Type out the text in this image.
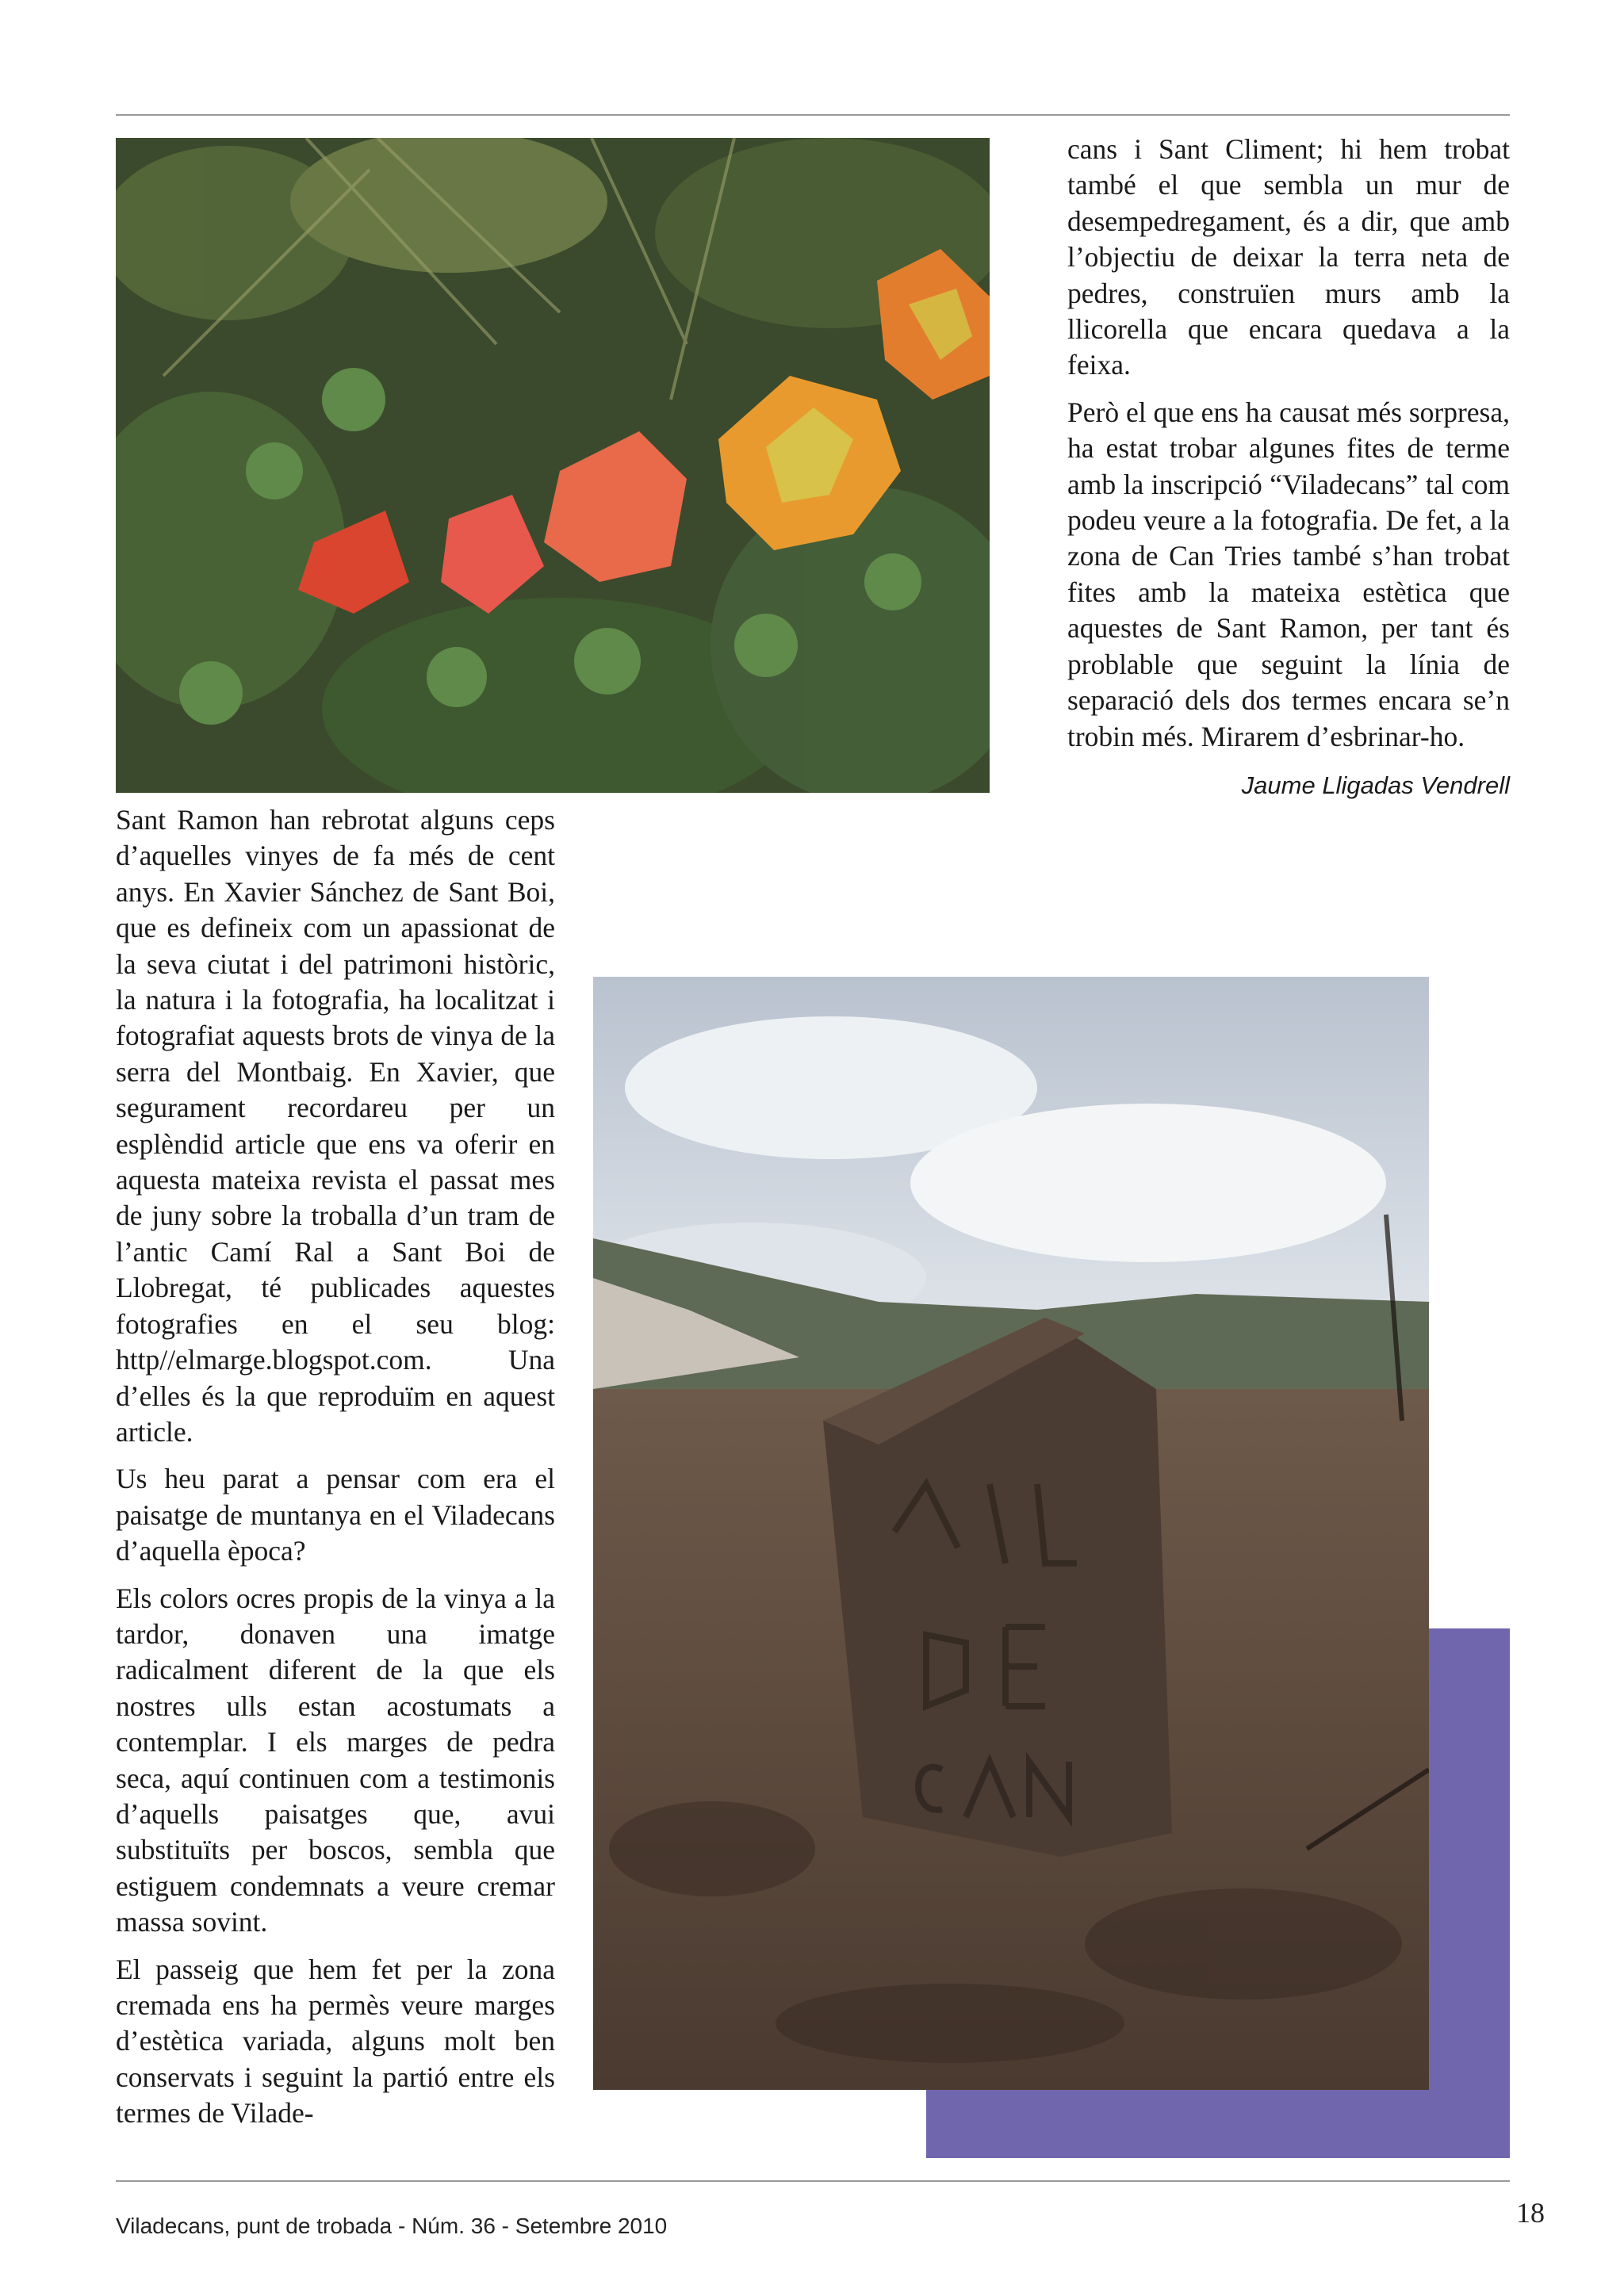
Sant Ramon han rebrotat alguns ceps d’aquelles vinyes de fa més de cent anys. En Xavier Sánchez de Sant Boi, que es defineix com un apassionat de la seva ciutat i del patrimoni històric, la natura i la fotografia, ha localitzat i fotografiat aquests brots de vinya de la serra del Montbaig. En Xavier, que segurament recordareu per un esplèndid article que ens va oferir en aquesta mateixa revista el passat mes de juny sobre la troballa d’un tram de l’antic Camí Ral a Sant Boi de Llobregat, té publicades aquestes fotografies en el seu blog: http//elmarge.blogspot.com. Una d’elles és la que reproduïm en aquest article.

Us heu parat a pensar com era el paisatge de muntanya en el Viladecans d’aquella època?

Els colors ocres propis de la vinya a la tardor, donaven una imatge radicalment diferent de la que els nostres ulls estan acostumats a contemplar. I els marges de pedra seca, aquí continuen com a testimonis d’aquells paisatges que, avui substituïts per boscos, sembla que estiguem condemnats a veure cremar massa sovint.

El passeig que hem fet per la zona cremada ens ha permès veure marges d’estètica variada, alguns molt ben conservats i seguint la partió entre els termes de Vilade-

cans i Sant Climent; hi hem trobat també el que sembla un mur de desempedregament, és a dir, que amb l’objectiu de deixar la terra neta de pedres, construïen murs amb la llicorella que encara quedava a la feixa.

Però el que ens ha causat més sorpresa, ha estat trobar algunes fites de terme amb la inscripció “Viladecans” tal com podeu veure a la fotografia. De fet, a la zona de Can Tries també s’han trobat fites amb la mateixa estètica que aquestes de Sant Ramon, per tant és problable que seguint la línia de separació dels dos termes encara se’n trobin més. Mirarem d’esbrinar-ho.

Jaume Lligadas Vendrell
Viladecans, punt de trobada - Núm. 36 - Setembre 2010	18
